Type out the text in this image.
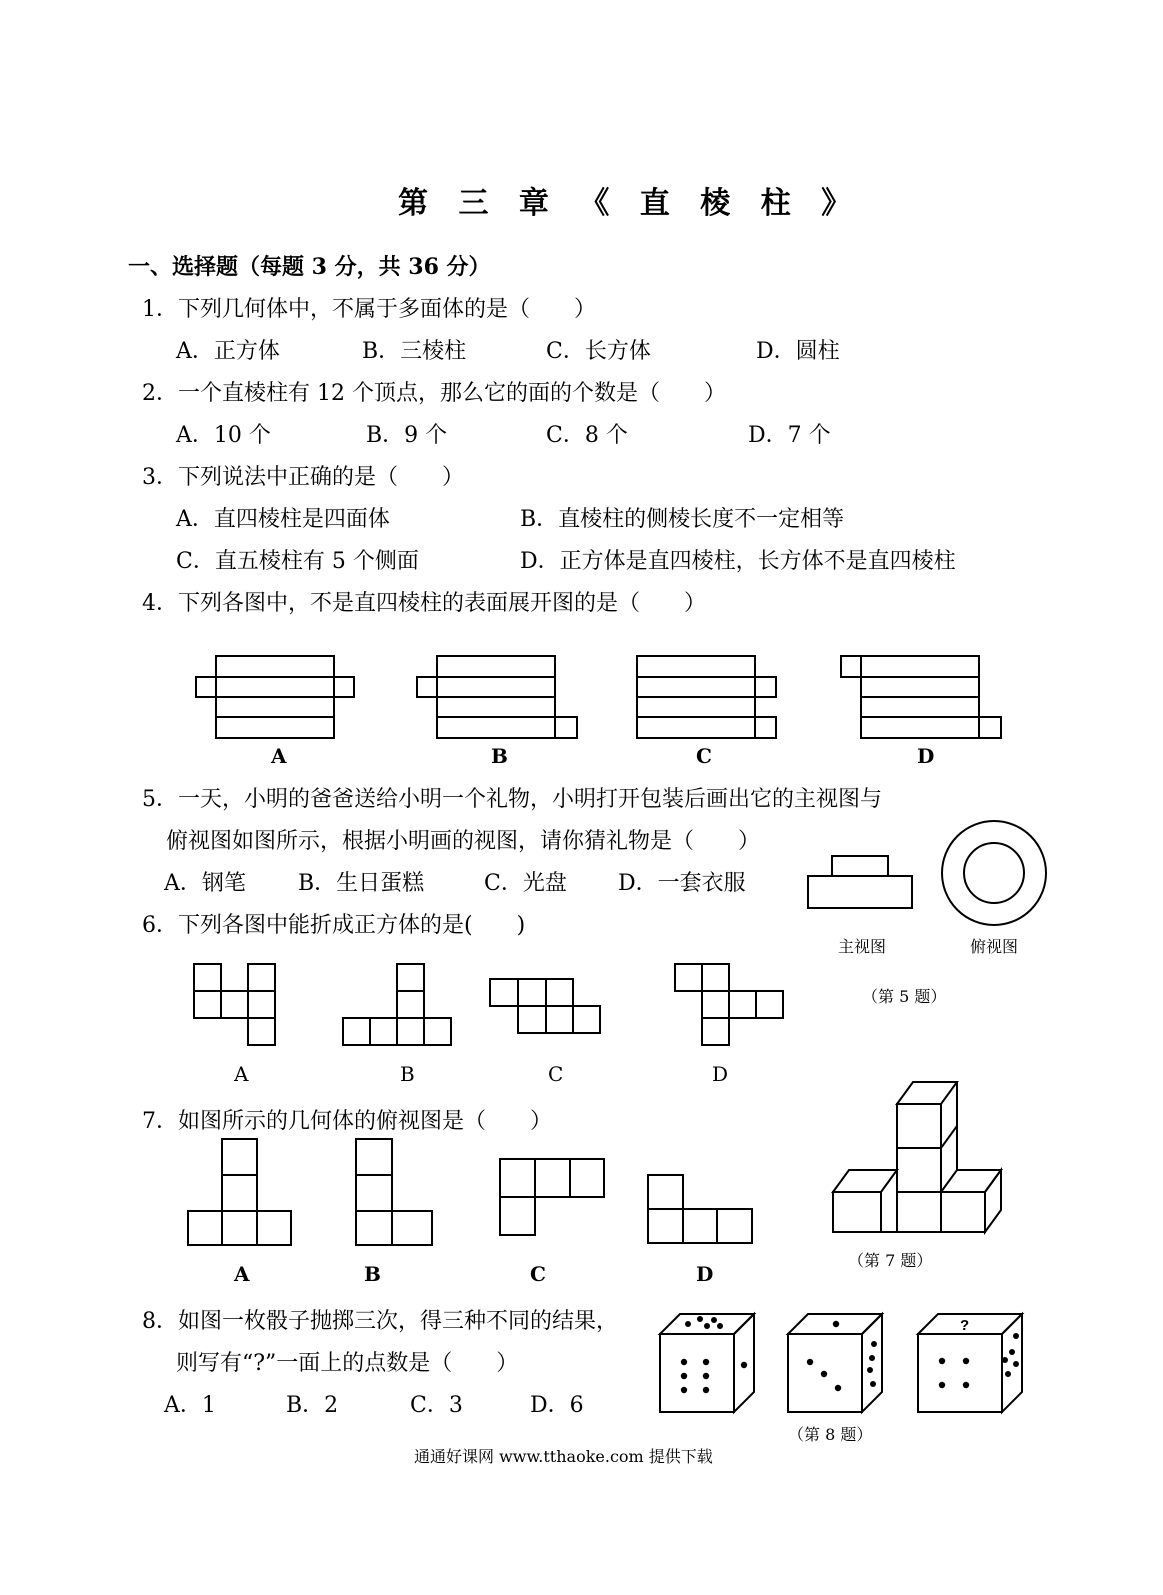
第 三 章 《 直 棱 柱 》
一、选择题（每题 3 分，共 36 分）
1．下列几何体中，不属于多面体的是（　　）
A．正方体	B．三棱柱	C．长方体	D．圆柱
2．一个直棱柱有 12 个顶点，那么它的面的个数是（　　）
A．10 个	B．9 个	C．8 个	D．7 个
3．下列说法中正确的是（　　）
A．直四棱柱是四面体	B．直棱柱的侧棱长度不一定相等
C．直五棱柱有 5 个侧面	D．正方体是直四棱柱，长方体不是直四棱柱
4．下列各图中，不是直四棱柱的表面展开图的是（　　）
A	B	C	D
5．一天，小明的爸爸送给小明一个礼物，小明打开包装后画出它的主视图与
俯视图如图所示，根据小明画的视图，请你猜礼物是（　　）
A．钢笔 B．生日蛋糕	C．光盘 D．一套衣服
主视图	俯视图
（第 5 题）
6．下列各图中能折成正方体的是(　　)
A	B	C	D
7．如图所示的几何体的俯视图是（　　）
A	B	C	D
（第 7 题）
8．如图一枚骰子抛掷三次，得三种不同的结果，
则写有“?”一面上的点数是（　　）
A．1	B．2	C．3	D．6
?
（第 8 题）
通通好课网 www.tthaoke.com 提供下载
